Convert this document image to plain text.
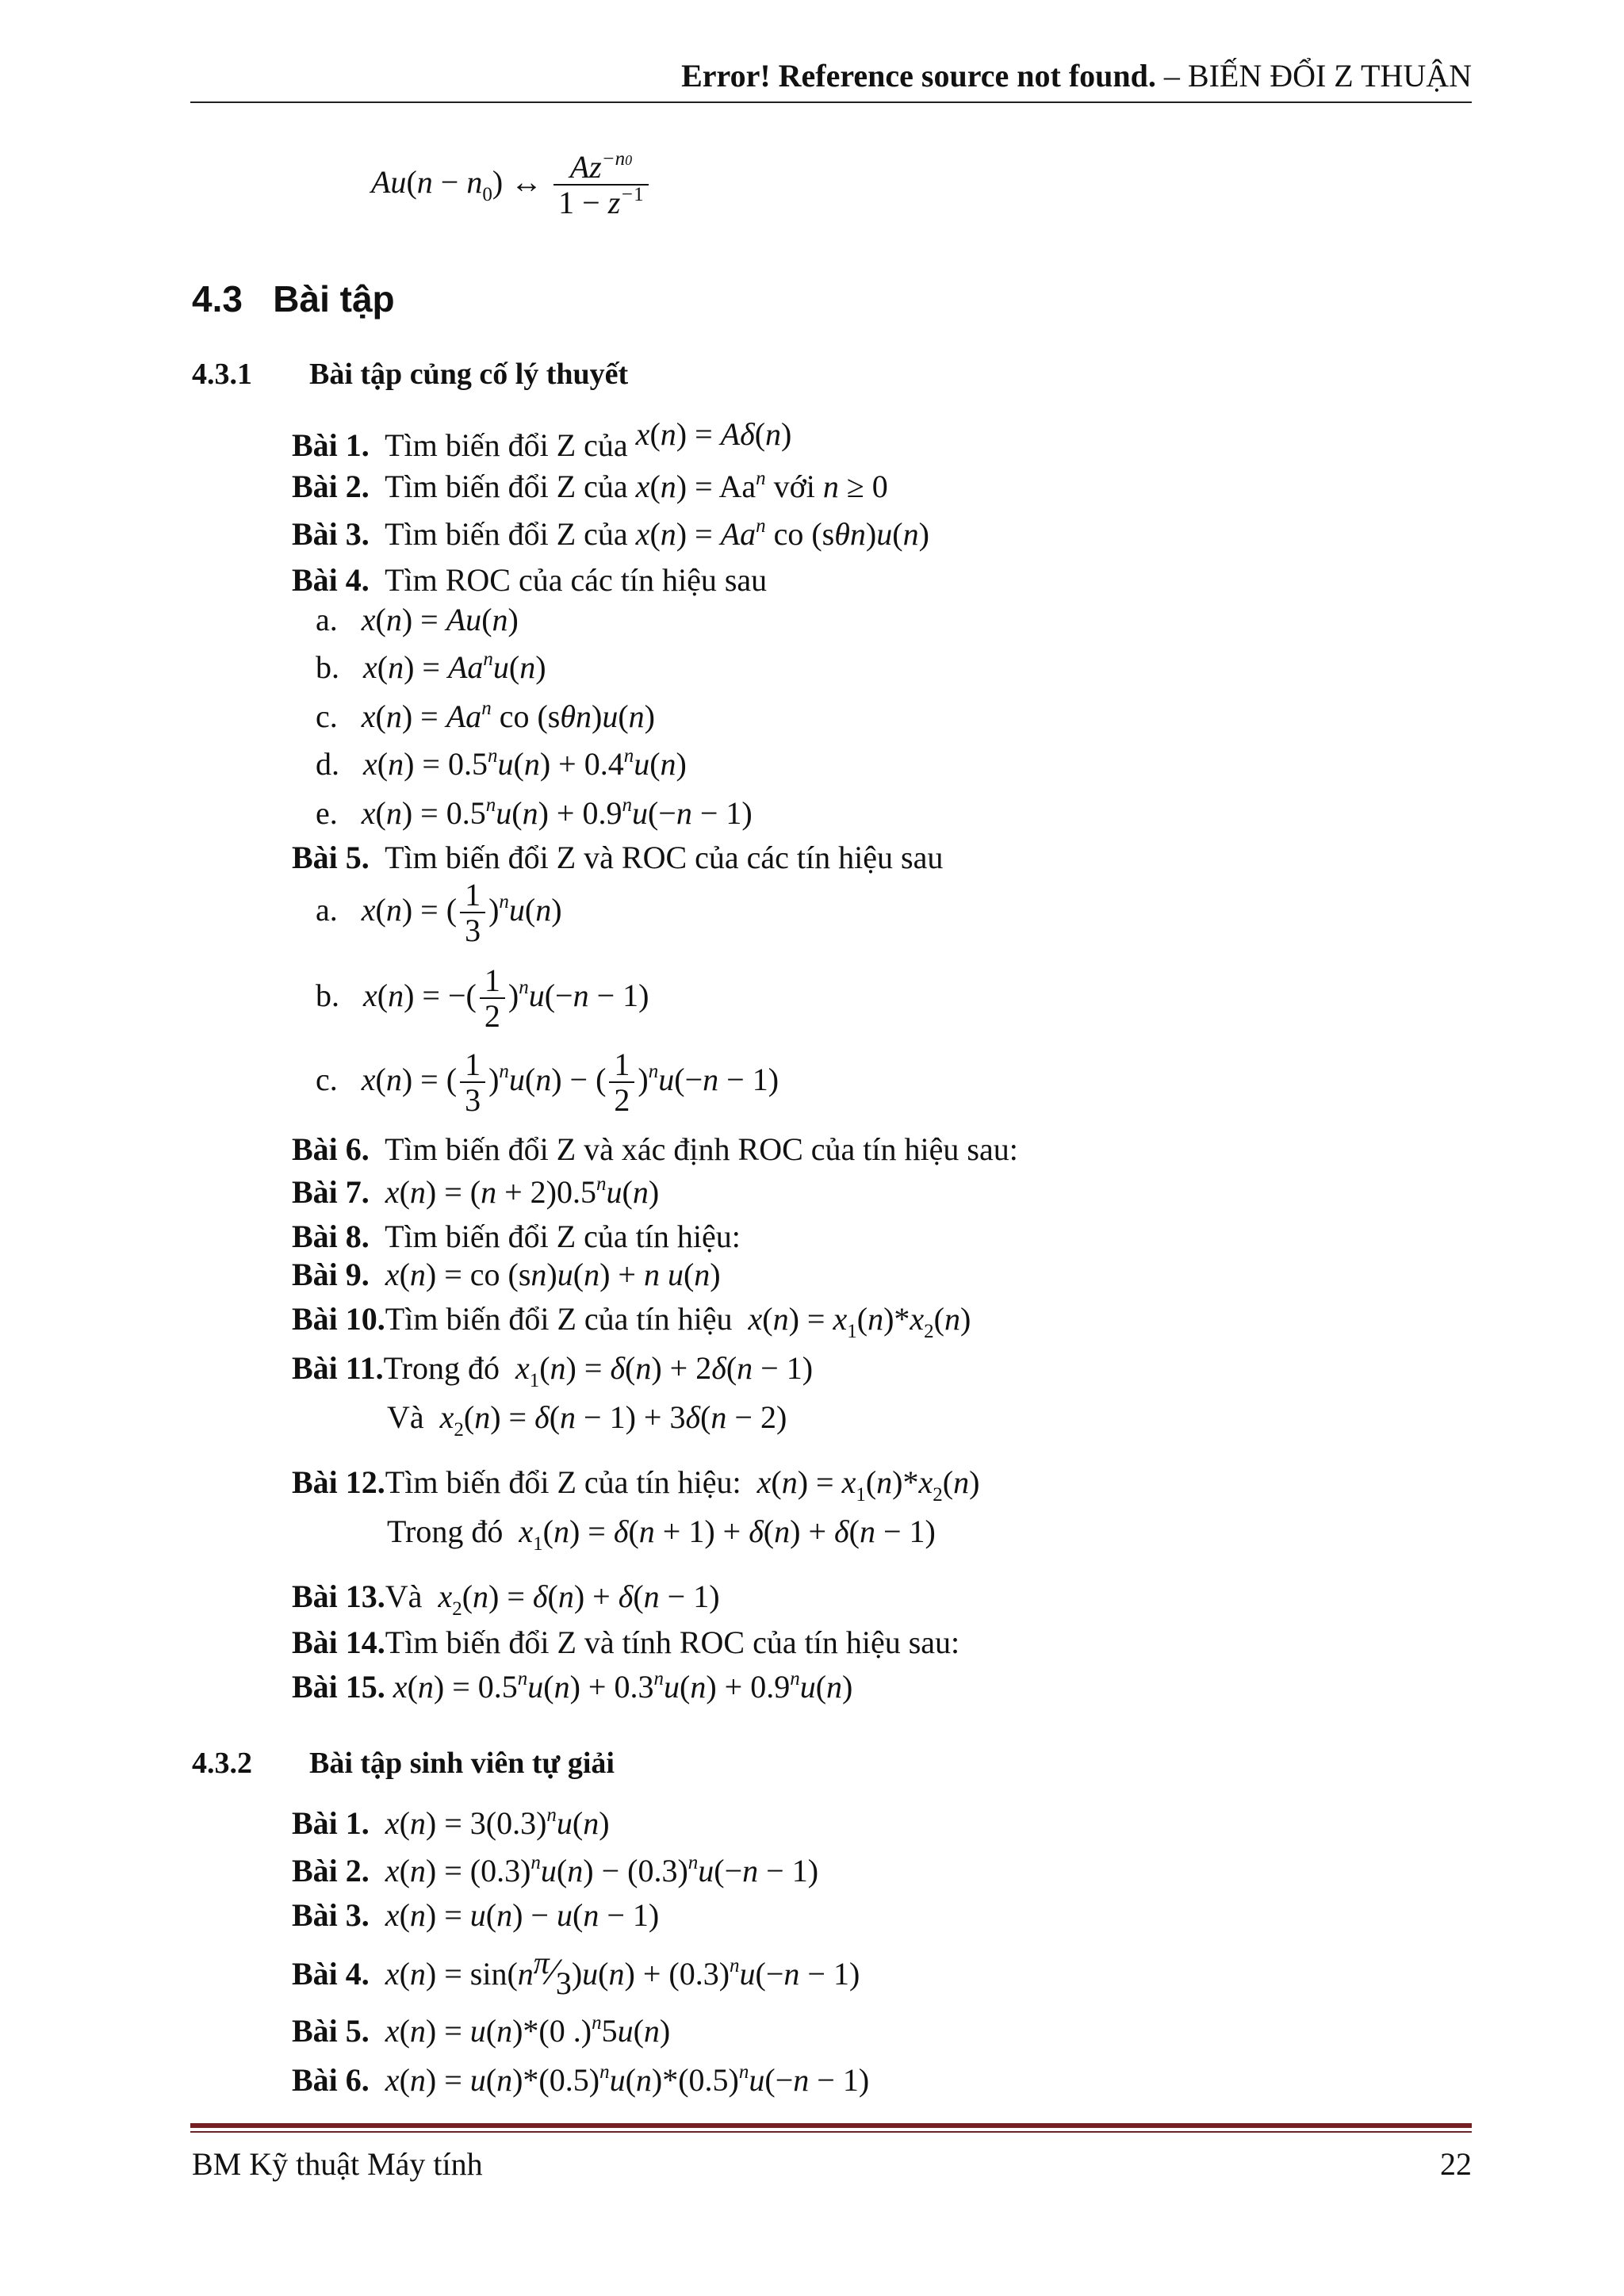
Error! Reference source not found. – BIẾN ĐỔI Z THUẬN
$Au(n - n_0)$ ↔ $\frac{Az^{-n0}}{1 - z^{-1}}$
4.3 Bài tập
4.3.1 Bài tập củng cố lý thuyết
Bài 1. Tìm biến đổi Z của x(n) = Aδ(n)
Bài 2. Tìm biến đổi Z của $x(n) = Aa^n$ với n ≥ 0
Bài 3. Tìm biến đổi Z của $x(n) = Aa^n$ co (sθn)u(n)
Bài 4. Tìm ROC của các tín hiệu sau
a. x(n) = Au(n)
b. $x(n) = Aa^nu(n)$
c. $x(n) = Aa^n$ co (sθn)u(n)
d. $x(n) = 0.5^nu(n) + 0.4^nu(n)$
e. $x(n) = 0.5^nu(n) + 0.9^nu(-n - 1)$
Bài 5. Tìm biến đổi Z và ROC của các tín hiệu sau
a. x(n) = ( $\frac{1}{3} )^nu(n)$
b. x(n) = −( $\frac{1}{2} )^nu(-n - 1)$
c. x(n) = ( $\frac{1}{3} )^nu(n)$ − ( $\frac{1}{2} )^nu(-n - 1)$
Bài 6. Tìm biến đổi Z và xác định ROC của tín hiệu sau:
Bài 7. $x(n) = (n + 2)0.5^nu(n)$
Bài 8. Tìm biến đổi Z của tín hiệu:
Bài 9. x(n) = co (sn)u(n) + n u(n)
Bài 10.Tìm biến đổi Z của tín hiệu $x(n) = x_1(n)*x_2(n)$
Bài 11.Trong đó $x_1(n) = \delta(n) + 2\delta(n - 1)$
Và $x_2(n) = \delta(n - 1) + 3\delta(n - 2)$
Bài 12.Tìm biến đổi Z của tín hiệu: $x(n) = x_1(n)*x_2(n)$
Trong đó $x_1(n) = \delta(n + 1) + \delta(n) + \delta(n - 1)$
Bài 13.Và $x_2(n) = \delta(n) + \delta(n - 1)$
Bài 14.Tìm biến đổi Z và tính ROC của tín hiệu sau:
Bài 15. $x(n) = 0.5^nu(n) + 0.3^nu(n) + 0.9^nu(n)$
4.3.2 Bài tập sinh viên tự giải
Bài 1. $x(n) = 3(0.3)^nu(n)$
Bài 2. $x(n) = (0.3)^nu(n) - (0.3)^nu(-n - 1)$
Bài 3. x(n) = u(n) − u(n − 1)
Bài 4. x(n) = sin(nπ⁄3)u(n) + $(0.3)^nu(-n - 1)$
Bài 5. x(n) = u(n)*(0 .)$^n$5u(n)
Bài 6. $x(n) = u(n)*(0.5)^nu(n)*(0.5)^nu(-n - 1)$
BM Kỹ thuật Máy tính	22
